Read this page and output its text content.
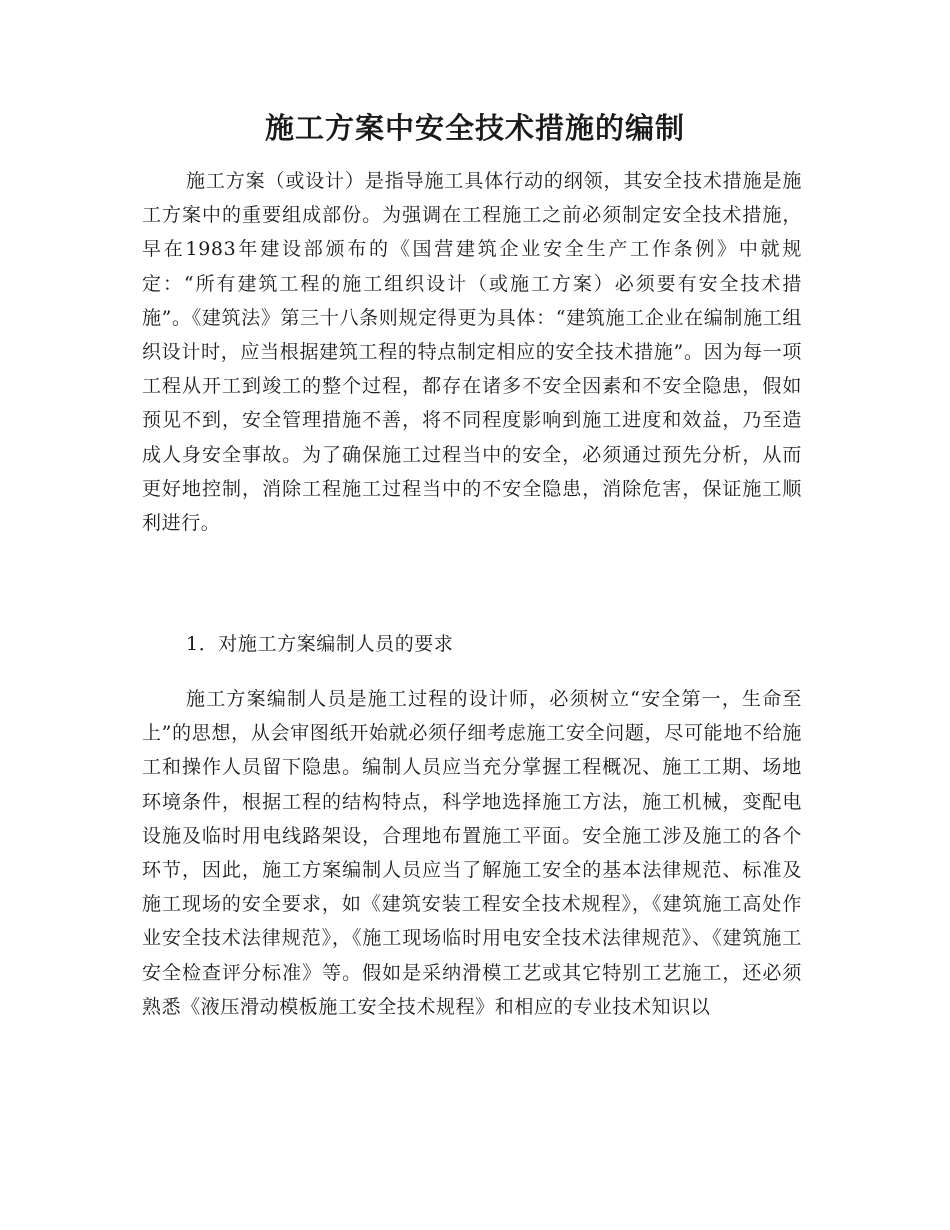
施工方案中安全技术措施的编制

施工方案（或设计）是指导施工具体行动的纲领，其安全技术措施是施工方案中的重要组成部份。为强调在工程施工之前必须制定安全技术措施，早在1983年建设部颁布的《国营建筑企业安全生产工作条例》中就规定：“所有建筑工程的施工组织设计（或施工方案）必须要有安全技术措施”。《建筑法》第三十八条则规定得更为具体：“建筑施工企业在编制施工组织设计时，应当根据建筑工程的特点制定相应的安全技术措施”。因为每一项工程从开工到竣工的整个过程，都存在诸多不安全因素和不安全隐患，假如预见不到，安全管理措施不善，将不同程度影响到施工进度和效益，乃至造成人身安全事故。为了确保施工过程当中的安全，必须通过预先分析，从而更好地控制，消除工程施工过程当中的不安全隐患，消除危害，保证施工顺利进行。

1．对施工方案编制人员的要求

施工方案编制人员是施工过程的设计师，必须树立“安全第一，生命至上”的思想，从会审图纸开始就必须仔细考虑施工安全问题，尽可能地不给施工和操作人员留下隐患。编制人员应当充分掌握工程概况、施工工期、场地环境条件，根据工程的结构特点，科学地选择施工方法，施工机械，变配电设施及临时用电线路架设，合理地布置施工平面。安全施工涉及施工的各个环节，因此，施工方案编制人员应当了解施工安全的基本法律规范、标准及施工现场的安全要求，如《建筑安装工程安全技术规程》，《建筑施工高处作业安全技术法律规范》，《施工现场临时用电安全技术法律规范》、《建筑施工安全检查评分标准》等。假如是采纳滑模工艺或其它特别工艺施工，还必须熟悉《液压滑动模板施工安全技术规程》和相应的专业技术知识以
